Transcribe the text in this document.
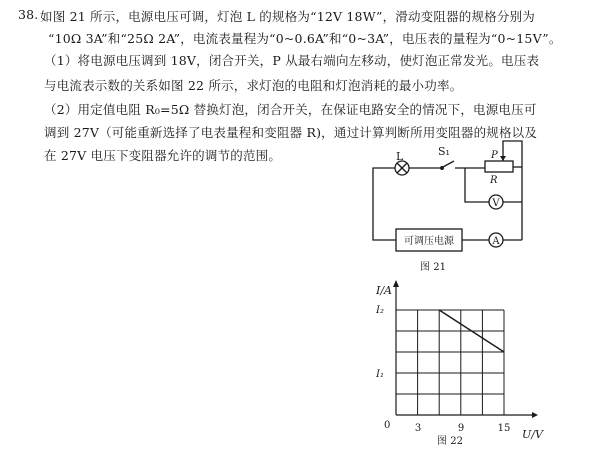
38. 如图 21 所示，电源电压可调，灯泡 L 的规格为“12V 18W”，滑动变阻器的规格分别为
“10Ω 3A”和“25Ω 2A”，电流表量程为“0~0.6A”和“0~3A”，电压表的量程为“0~15V”。
（1）将电源电压调到 18V，闭合开关，P 从最右端向左移动，使灯泡正常发光。电压表
与电流表示数的关系如图 22 所示，求灯泡的电阻和灯泡消耗的最小功率。
（2）用定值电阻 R₀=5Ω 替换灯泡，闭合开关，在保证电路安全的情况下，电源电压可
调到 27V（可能重新选择了电表量程和变阻器 R)，通过计算判断所用变阻器的规格以及
在 27V 电压下变阻器允许的调节的范围。	L	S₁	P
R
V
A
可调压电源
图 21
I/A
U/V
0 3	9	15
I₁
I₂
图 22
